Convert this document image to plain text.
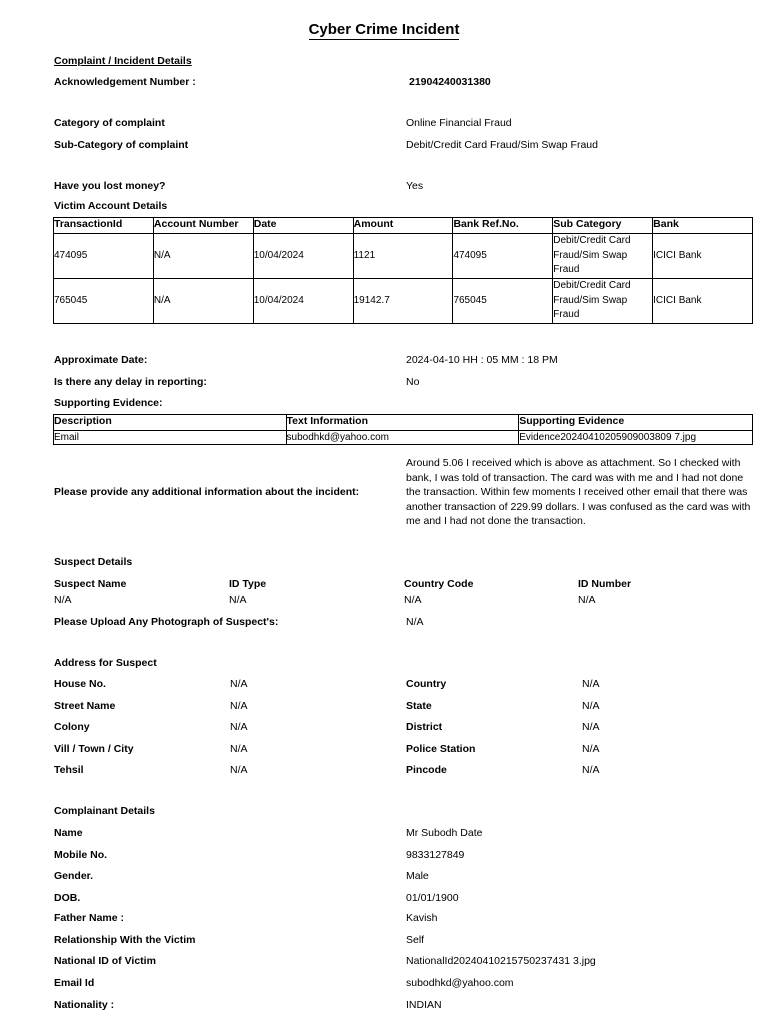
Cyber Crime Incident
Complaint / Incident Details
Acknowledgement Number :	21904240031380
Category of complaint	Online Financial Fraud
Sub-Category of complaint	Debit/Credit Card Fraud/Sim Swap Fraud
Have you lost money?	Yes
Victim Account Details
TransactionId	Account Number	Date	Amount	Bank Ref.No.	Sub Category	Bank
474095	N/A	10/04/2024	1121	474095	Debit/Credit Card Fraud/Sim Swap Fraud	ICICI Bank
765045	N/A	10/04/2024	19142.7	765045	Debit/Credit Card Fraud/Sim Swap Fraud	ICICI Bank
Approximate Date:	2024-04-10 HH : 05 MM : 18 PM
Is there any delay in reporting:	No
Supporting Evidence:
Description	Text Information	Supporting Evidence
Email	subodhkd@yahoo.com	Evidence20240410205909003809 7.jpg
Please provide any additional information about the incident:
Around 5.06 I received which is above as attachment. So I checked with bank, I was told of transaction. The card was with me and I had not done the transaction. Within few moments I received other email that there was another transaction of 229.99 dollars. I was confused as the card was with me and I had not done the transaction.
Suspect Details
Suspect Name	ID Type	Country Code	ID Number
N/A	N/A	N/A	N/A
Please Upload Any Photograph of Suspect's:	N/A
Address for Suspect
House No.	N/A	Country	N/A
Street Name	N/A	State	N/A
Colony	N/A	District	N/A
Vill / Town / City	N/A	Police Station	N/A
Tehsil	N/A	Pincode	N/A
Complainant Details
Name	Mr Subodh Date
Mobile No.	9833127849
Gender.	Male
DOB.	01/01/1900
Father Name :	Kavish
Relationship With the Victim	Self
National ID of Victim	NationalId20240410215750237431 3.jpg
Email Id	subodhkd@yahoo.com
Nationality :	INDIAN
